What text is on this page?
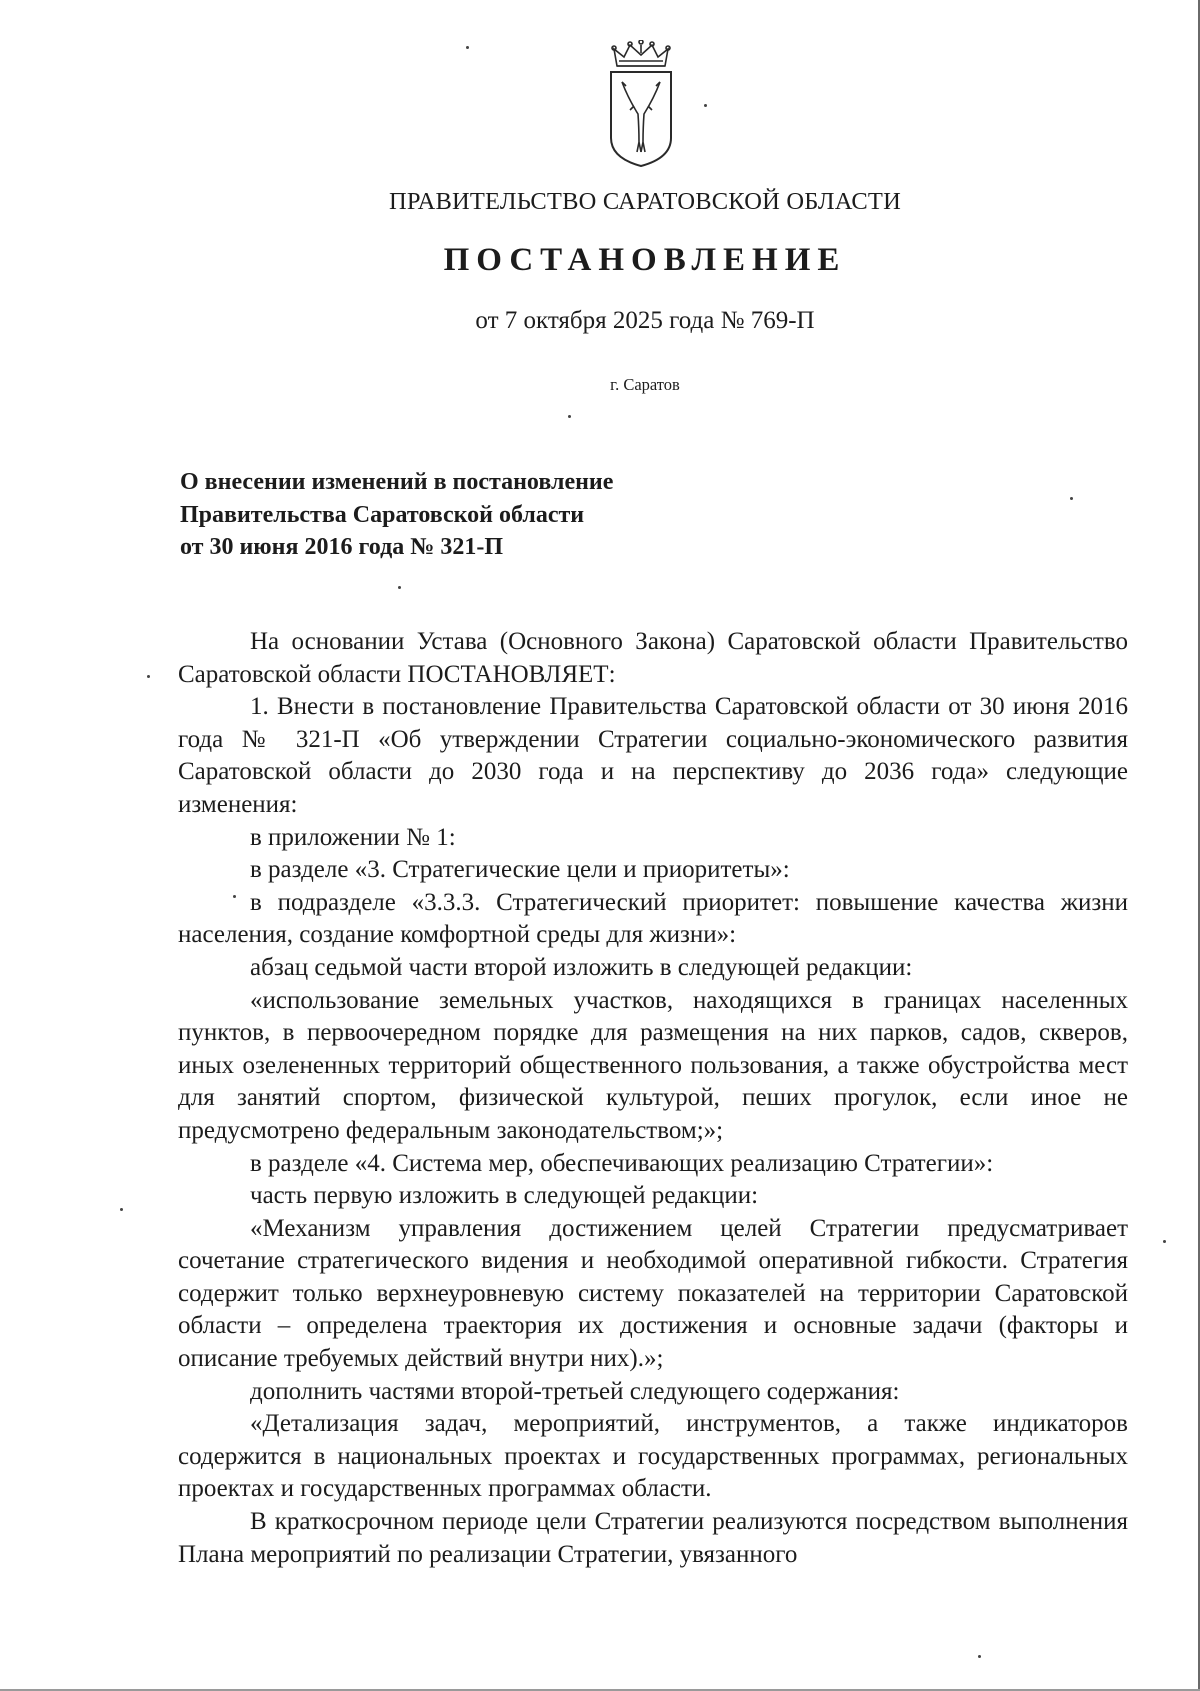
ПРАВИТЕЛЬСТВО САРАТОВСКОЙ ОБЛАСТИ
ПОСТАНОВЛЕНИЕ
от 7 октября 2025 года № 769-П
г. Саратов
О внесении изменений в постановление
Правительства Саратовской области
от 30 июня 2016 года № 321-П

На основании Устава (Основного Закона) Саратовской области Правительство Саратовской области ПОСТАНОВЛЯЕТ:

1. Внести в постановление Правительства Саратовской области от 30 июня 2016 года № 321-П «Об утверждении Стратегии социально-экономического развития Саратовской области до 2030 года и на перспективу до 2036 года» следующие изменения:

в приложении № 1:

в разделе «3. Стратегические цели и приоритеты»:

в подразделе «3.3.3. Стратегический приоритет: повышение качества жизни населения, создание комфортной среды для жизни»:

абзац седьмой части второй изложить в следующей редакции:

«использование земельных участков, находящихся в границах населенных пунктов, в первоочередном порядке для размещения на них парков, садов, скверов, иных озелененных территорий общественного пользования, а также обустройства мест для занятий спортом, физической культурой, пеших прогулок, если иное не предусмотрено федеральным законодательством;»;

в разделе «4. Система мер, обеспечивающих реализацию Стратегии»:

часть первую изложить в следующей редакции:

«Механизм управления достижением целей Стратегии предусматривает сочетание стратегического видения и необходимой оперативной гибкости. Стратегия содержит только верхнеуровневую систему показателей на территории Саратовской области – определена траектория их достижения и основные задачи (факторы и описание требуемых действий внутри них).»;

дополнить частями второй-третьей следующего содержания:

«Детализация задач, мероприятий, инструментов, а также индикаторов содержится в национальных проектах и государственных программах, региональных проектах и государственных программах области.

В краткосрочном периоде цели Стратегии реализуются посредством выполнения Плана мероприятий по реализации Стратегии, увязанного
